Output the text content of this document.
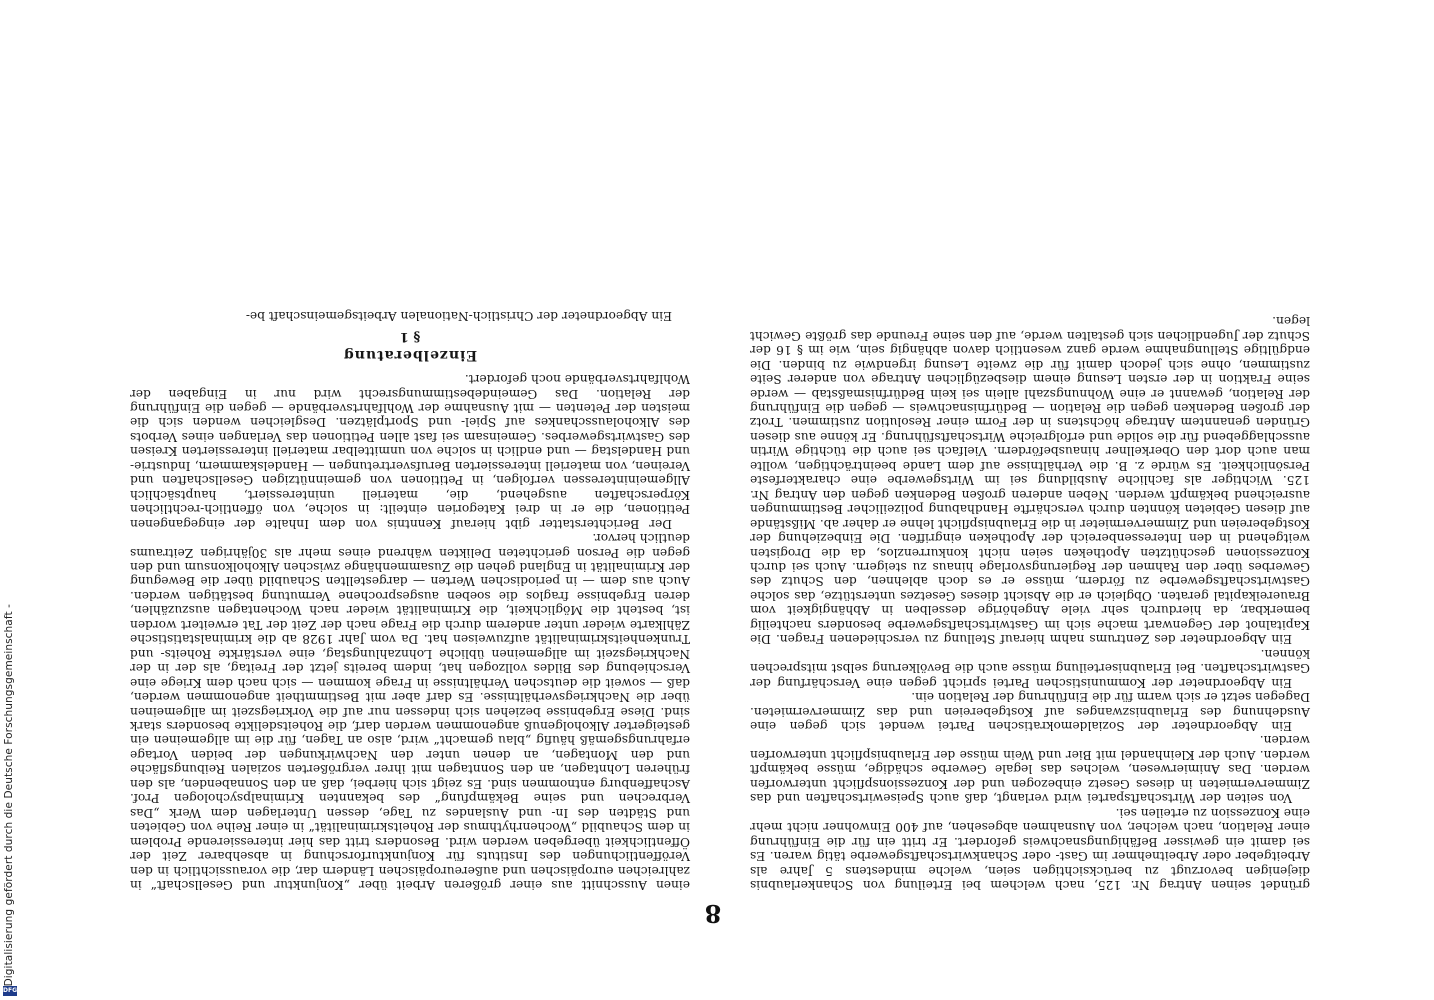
Digitalisierung gefördert durch die Deutsche Forschungsgemeinschaft -
DFG
8

gründet seinen Antrag Nr. 125, nach welchem bei Erteilung von Schankerlaubnis diejenigen bevorzugt zu berücksichtigen seien, welche mindestens 5 Jahre als Arbeitgeber oder Arbeitnehmer im Gast- oder Schankwirtschaftsgewerbe tätig waren. Es sei damit ein gewisser Befähigungsnachweis gefordert. Er tritt ein für die Einführung einer Relation, nach welcher, von Ausnahmen abgesehen, auf 400 Einwohner nicht mehr eine Konzession zu erteilen sei.

Von seiten der Wirtschaftspartei wird verlangt, daß auch Speisewirtschaften und das Zimmervermieten in dieses Gesetz einbezogen und der Konzessionspflicht unterworfen werden. Das Animierwesen, welches das legale Gewerbe schädige, müsse bekämpft werden. Auch der Kleinhandel mit Bier und Wein müsse der Erlaubnispflicht unterworfen werden.

Ein Abgeordneter der Sozialdemokratischen Partei wendet sich gegen eine Ausdehnung des Erlaubniszwanges auf Kostgebereien und das Zimmervermieten. Dagegen setzt er sich warm für die Einführung der Relation ein.

Ein Abgeordneter der Kommunistischen Partei spricht gegen eine Verschärfung der Gastwirtschaften. Bei Erlaubniserteilung müsse auch die Bevölkerung selbst mitsprechen können.

Ein Abgeordneter des Zentrums nahm hierauf Stellung zu verschiedenen Fragen. Die Kapitalnot der Gegenwart mache sich im Gastwirtschaftsgewerbe besonders nachteilig bemerkbar, da hierdurch sehr viele Angehörige desselben in Abhängigkeit vom Brauereikapital geraten. Obgleich er die Absicht dieses Gesetzes unterstütze, das solche Gastwirtschaftsgewerbe zu fördern, müsse er es doch ablehnen, den Schutz des Gewerbes über den Rahmen der Regierungsvorlage hinaus zu steigern. Auch sei durch Konzessionen geschützten Apotheken seien nicht konkurrenzlos, da die Drogisten weitgehend in den Interessenbereich der Apotheken eingriffen. Die Einbeziehung der Kostgebereien und Zimmervermieter in die Erlaubnispflicht lehne er daher ab. Mißstände auf diesen Gebieten könnten durch verschärfte Handhabung polizeilicher Bestimmungen ausreichend bekämpft werden. Neben anderen großen Bedenken gegen den Antrag Nr. 125. Wichtiger als fachliche Ausbildung sei im Wirtsgewerbe eine charakterfeste Persönlichkeit. Es würde z. B. die Verhältnisse auf dem Lande beeinträchtigen, wollte man auch dort den Oberkellner hinausbefördern. Vielfach sei auch die tüchtige Wirtin ausschlaggebend für die solide und erfolgreiche Wirtschaftsführung. Er könne aus diesen Gründen genanntem Antrage höchstens in der Form einer Resolution zustimmen. Trotz der großen Bedenken gegen die Relation — Bedürfnisnachweis — gegen die Einführung der Relation, gewannt er eine Wohnungszahl allein sei kein Bedürfnismaßstab — werde seine Fraktion in der ersten Lesung einem diesbezüglichen Antrage von anderer Seite zustimmen, ohne sich jedoch damit für die zweite Lesung irgendwie zu binden. Die endgültige Stellungnahme werde ganz wesentlich davon abhängig sein, wie im § 16 der Schutz der Jugendlichen sich gestalten werde, auf den seine Freunde das größte Gewicht legen.

einen Ausschnitt aus einer größeren Arbeit über „Konjunktur und Gesellschaft“ in zahlreichen europäischen und außereuropäischen Ländern dar, die voraussichtlich in den Veröffentlichungen des Instituts für Konjunkturforschung in absehbarer Zeit der Öffentlichkeit übergeben werden wird. Besonders tritt das hier interessierende Problem in dem Schaubild „Wochenrhythmus der Roheitskriminalität“ in einer Reihe von Gebieten und Städten des In- und Auslandes zu Tage, dessen Unterlagen dem Werk „Das Verbrechen und seine Bekämpfung“ des bekannten Kriminalpsychologen Prof. Aschaffenburg entnommen sind. Es zeigt sich hierbei, daß an den Sonnabenden, als den früheren Lohntagen, an den Sonntagen mit ihrer vergrößerten sozialen Reibungsfläche und den Montagen, an denen unter den Nachwirkungen der beiden Vortage erfahrungsgemäß häufig „blau gemacht“ wird, also an Tagen, für die im allgemeinen ein gesteigerter Alkoholgenuß angenommen werden darf, die Roheitsdelikte besonders stark sind. Diese Ergebnisse beziehen sich indessen nur auf die Vorkriegszeit im allgemeinen über die Nachkriegsverhältnisse. Es darf aber mit Bestimmtheit angenommen werden, daß — soweit die deutschen Verhältnisse in Frage kommen — sich nach dem Kriege eine Verschiebung des Bildes vollzogen hat, indem bereits jetzt der Freitag, als der in der Nachkriegszeit im allgemeinen übliche Lohnzahlungstag, eine verstärkte Roheits- und Trunkenheitskriminalität aufzuweisen hat. Da vom Jahr 1928 ab die kriminalstatistische Zählkarte wieder unter anderem durch die Frage nach der Zeit der Tat erweitert worden ist, besteht die Möglichkeit, die Kriminalität wieder nach Wochentagen auszuzählen, deren Ergebnisse fraglos die soeben ausgesprochene Vermutung bestätigen werden. Auch aus dem — in periodischen Werten — dargestellten Schaubild über die Bewegung der Kriminalität in England gehen die Zusammenhänge zwischen Alkoholkonsum und den gegen die Person gerichteten Delikten während eines mehr als 30jährigen Zeitraums deutlich hervor.

Der Berichterstatter gibt hierauf Kenntnis von dem Inhalte der eingegangenen Petitionen, die er in drei Kategorien einteilt: in solche, von öffentlich-rechtlichen Körperschaften ausgehend, die, materiell uninteressiert, hauptsächlich Allgemeininteressen verfolgen, in Petitionen von gemeinnützigen Gesellschaften und Vereinen, von materiell interessierten Berufsvertretungen — Handelskammern, Industrie- und Handelstag — und endlich in solche von unmittelbar materiell interessierten Kreisen des Gastwirtsgewerbes. Gemeinsam sei fast allen Petitionen das Verlangen eines Verbots des Alkoholausschankes auf Spiel- und Sportplätzen. Desgleichen wenden sich die meisten der Petenten — mit Ausnahme der Wohlfahrtsverbände — gegen die Einführung der Relation. Das Gemeindebestimmungsrecht wird nur in Eingaben der Wohlfahrtsverbände noch gefordert.

Einzelberatung
§ 1

Ein Abgeordneter der Christlich-Nationalen Arbeitsgemeinschaft be-
